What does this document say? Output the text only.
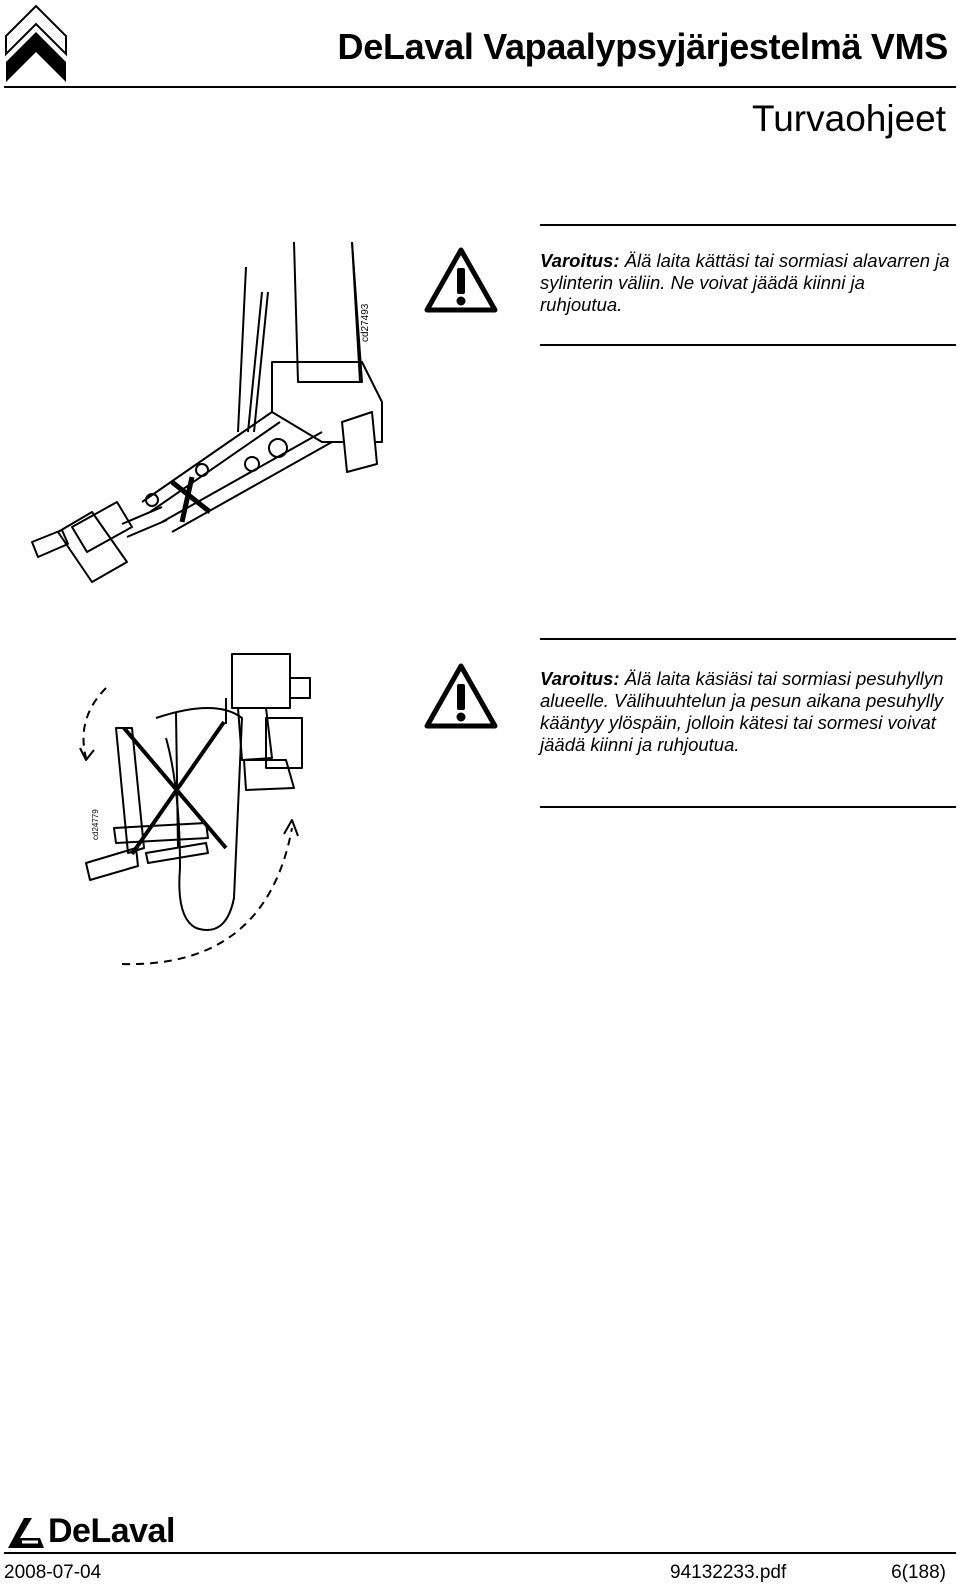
DeLaval Vapaalypsyjärjestelmä VMS
Turvaohjeet
Varoitus: Älä laita kättäsi tai sormiasi alavarren ja sylinterin väliin. Ne voivat jäädä kiinni ja ruhjoutua.
cd27493
Varoitus: Älä laita käsiäsi tai sormiasi pesuhyllyn alueelle. Välihuuhtelun ja pesun aikana pesuhylly kääntyy ylöspäin, jolloin kätesi tai sormesi voivat jäädä kiinni ja ruhjoutua.
cd24779
DeLaval
2008-07-04	94132233.pdf	6(188)
